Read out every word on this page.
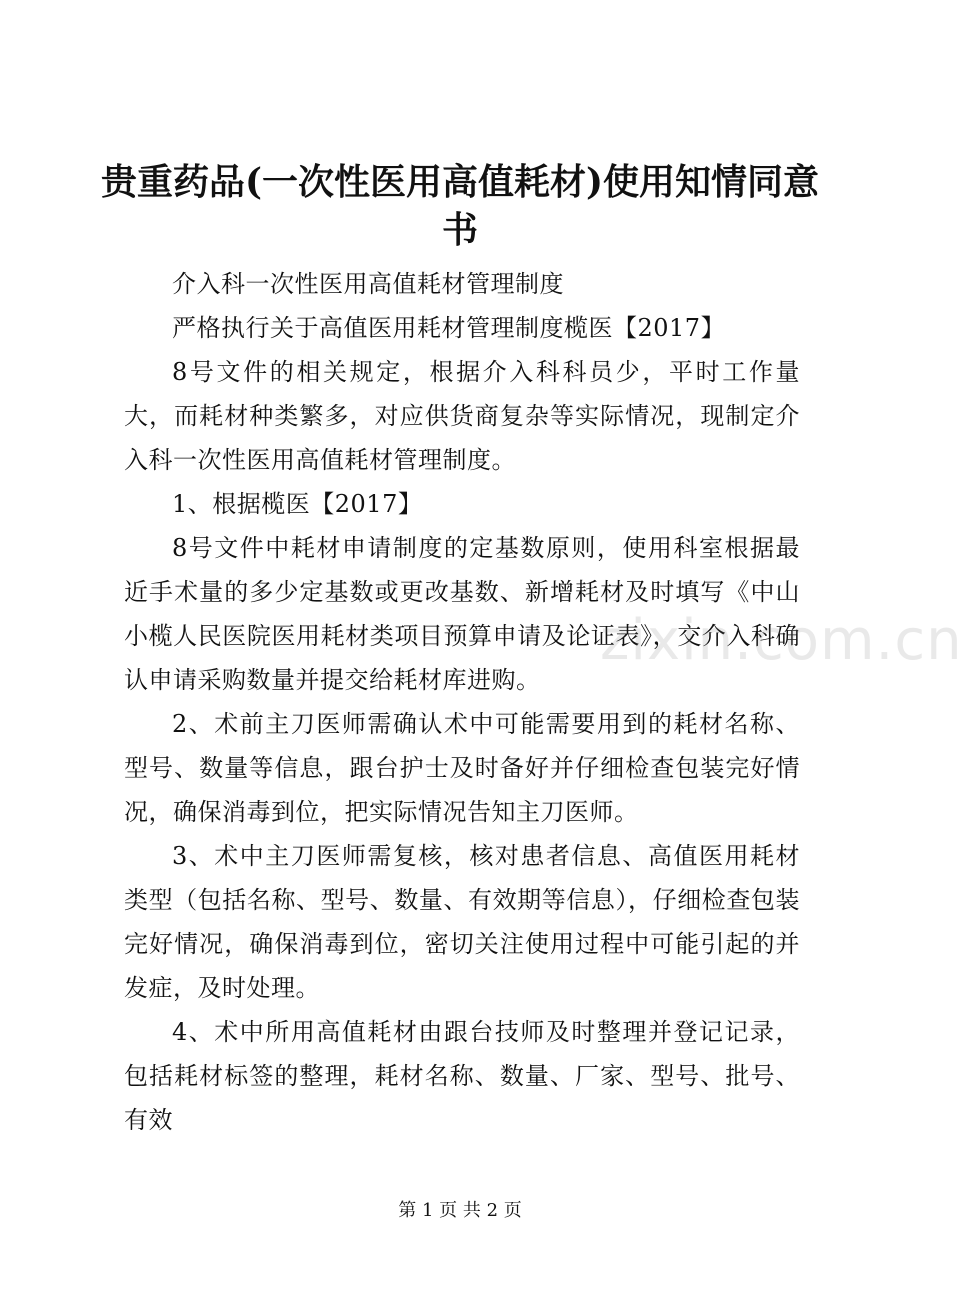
贵重药品(一次性医用高值耗材)使用知情同意书

介入科一次性医用高值耗材管理制度

严格执行关于高值医用耗材管理制度榄医【2017】

8号文件的相关规定，根据介入科科员少，平时工作量大，而耗材种类繁多，对应供货商复杂等实际情况，现制定介入科一次性医用高值耗材管理制度。

1、根据榄医【2017】

8号文件中耗材申请制度的定基数原则，使用科室根据最近手术量的多少定基数或更改基数、新增耗材及时填写《中山小榄人民医院医用耗材类项目预算申请及论证表》，交介入科确认申请采购数量并提交给耗材库进购。

2、术前主刀医师需确认术中可能需要用到的耗材名称、型号、数量等信息，跟台护士及时备好并仔细检查包装完好情况，确保消毒到位，把实际情况告知主刀医师。

3、术中主刀医师需复核，核对患者信息、高值医用耗材类型（包括名称、型号、数量、有效期等信息），仔细检查包装完好情况，确保消毒到位，密切关注使用过程中可能引起的并发症，及时处理。

4、术中所用高值耗材由跟台技师及时整理并登记记录，包括耗材标签的整理，耗材名称、数量、厂家、型号、批号、有效

zixin.com.cn
第 1 页 共 2 页
